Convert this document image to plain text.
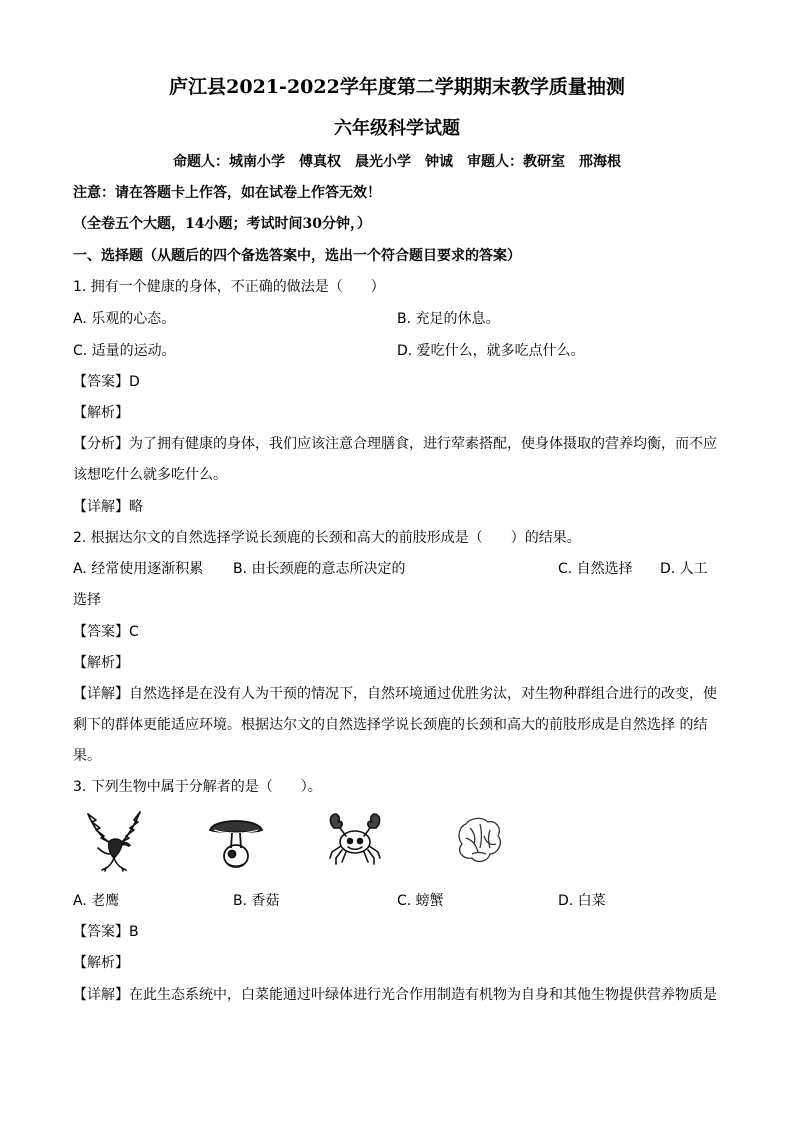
庐江县2021-2022学年度第二学期期末教学质量抽测
六年级科学试题
命题人：城南小学　傅真权　晨光小学　钟诚　审题人：教研室　邢海根
注意：请在答题卡上作答，如在试卷上作答无效！
（全卷五个大题，14小题；考试时间30分钟，）
一、选择题（从题后的四个备选答案中，选出一个符合题目要求的答案）
1. 拥有一个健康的身体，不正确的做法是（　　）
A. 乐观的心态。	B. 充足的休息。
C. 适量的运动。	D. 爱吃什么，就多吃点什么。
【答案】D
【解析】
【分析】为了拥有健康的身体，我们应该注意合理膳食，进行荤素搭配，使身体摄取的营养均衡，而不应
该想吃什么就多吃什么。
【详解】略
2. 根据达尔文的自然选择学说长颈鹿的长颈和高大的前肢形成是（　　）的结果。
A. 经常使用逐渐积累 B. 由长颈鹿的意志所决定的	C. 自然选择 D. 人工
选择
【答案】C
【解析】
【详解】自然选择是在没有人为干预的情况下，自然环境通过优胜劣汰，对生物种群组合进行的改变，使
剩下的群体更能适应环境。根据达尔文的自然选择学说长颈鹿的长颈和高大的前肢形成是自然选择 的结
果。
3. 下列生物中属于分解者的是（　　）。
A. 老鹰	B. 香菇	C. 螃蟹	D. 白菜
【答案】B
【解析】
【详解】在此生态系统中，白菜能通过叶绿体进行光合作用制造有机物为自身和其他生物提供营养物质是
